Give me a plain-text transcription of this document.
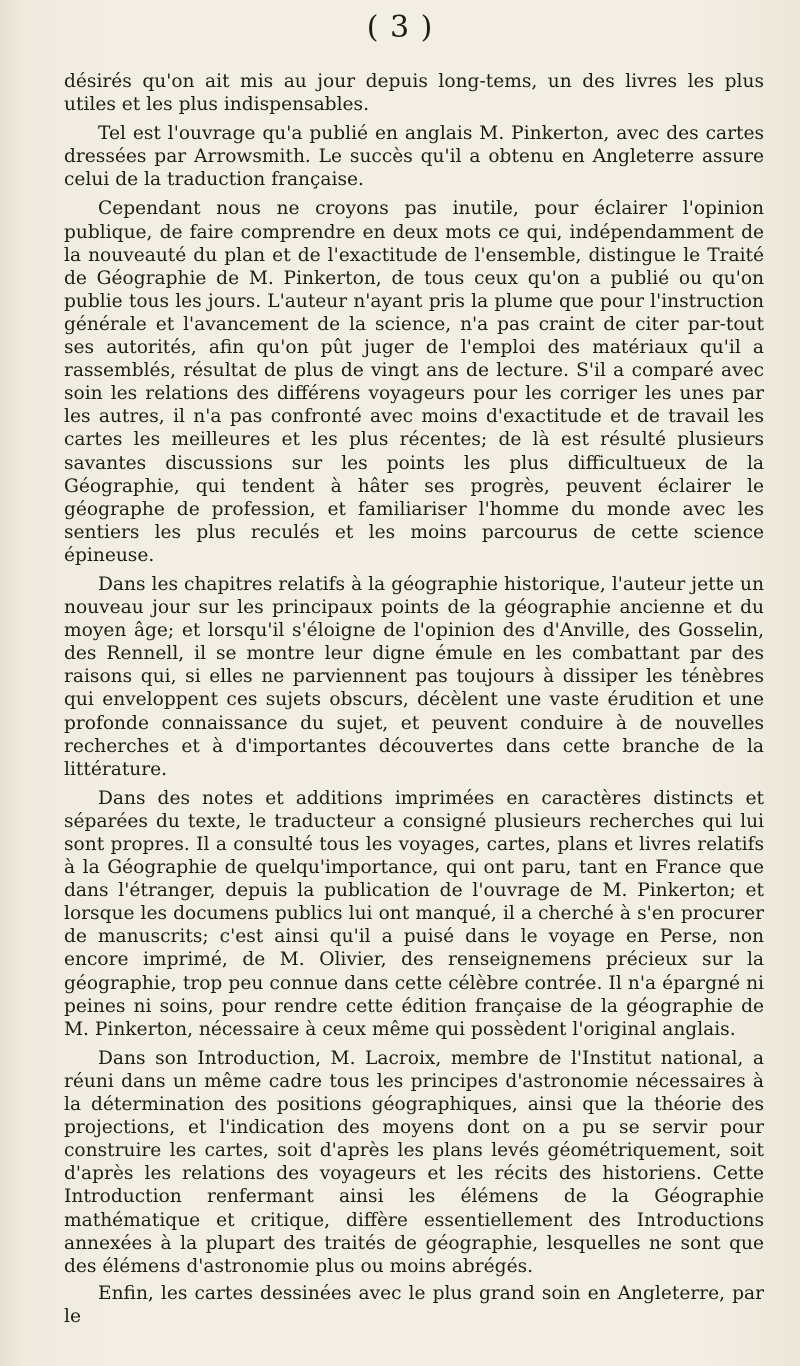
( 3 )

désirés qu'on ait mis au jour depuis long-tems, un des livres les plus utiles et les plus indispensables.

Tel est l'ouvrage qu'a publié en anglais M. Pinkerton, avec des cartes dressées par Arrowsmith. Le succès qu'il a obtenu en Angleterre assure celui de la traduction française.

Cependant nous ne croyons pas inutile, pour éclairer l'opinion publique, de faire comprendre en deux mots ce qui, indépendamment de la nouveauté du plan et de l'exactitude de l'ensemble, distingue le Traité de Géographie de M. Pinkerton, de tous ceux qu'on a publié ou qu'on publie tous les jours. L'auteur n'ayant pris la plume que pour l'instruction générale et l'avancement de la science, n'a pas craint de citer par-tout ses autorités, afin qu'on pût juger de l'emploi des matériaux qu'il a rassemblés, résultat de plus de vingt ans de lecture. S'il a comparé avec soin les relations des différens voyageurs pour les corriger les unes par les autres, il n'a pas confronté avec moins d'exactitude et de travail les cartes les meilleures et les plus récentes; de là est résulté plusieurs savantes discussions sur les points les plus difficultueux de la Géographie, qui tendent à hâter ses progrès, peuvent éclairer le géographe de profession, et familiariser l'homme du monde avec les sentiers les plus reculés et les moins parcourus de cette science épineuse.

Dans les chapitres relatifs à la géographie historique, l'auteur jette un nouveau jour sur les principaux points de la géographie ancienne et du moyen âge; et lorsqu'il s'éloigne de l'opinion des d'Anville, des Gosselin, des Rennell, il se montre leur digne émule en les combattant par des raisons qui, si elles ne parviennent pas toujours à dissiper les ténèbres qui enveloppent ces sujets obscurs, décèlent une vaste érudition et une profonde connaissance du sujet, et peuvent conduire à de nouvelles recherches et à d'importantes découvertes dans cette branche de la littérature.

Dans des notes et additions imprimées en caractères distincts et séparées du texte, le traducteur a consigné plusieurs recherches qui lui sont propres. Il a consulté tous les voyages, cartes, plans et livres relatifs à la Géographie de quelqu'importance, qui ont paru, tant en France que dans l'étranger, depuis la publication de l'ouvrage de M. Pinkerton; et lorsque les documens publics lui ont manqué, il a cherché à s'en procurer de manuscrits; c'est ainsi qu'il a puisé dans le voyage en Perse, non encore imprimé, de M. Olivier, des renseignemens précieux sur la géographie, trop peu connue dans cette célèbre contrée. Il n'a épargné ni peines ni soins, pour rendre cette édition française de la géographie de M. Pinkerton, nécessaire à ceux même qui possèdent l'original anglais.

Dans son Introduction, M. Lacroix, membre de l'Institut national, a réuni dans un même cadre tous les principes d'astronomie nécessaires à la détermination des positions géographiques, ainsi que la théorie des projections, et l'indication des moyens dont on a pu se servir pour construire les cartes, soit d'après les plans levés géométriquement, soit d'après les relations des voyageurs et les récits des historiens. Cette Introduction renfermant ainsi les élémens de la Géographie mathématique et critique, diffère essentiellement des Introductions annexées à la plupart des traités de géographie, lesquelles ne sont que des élémens d'astronomie plus ou moins abrégés.

Enfin, les cartes dessinées avec le plus grand soin en Angleterre, par le
